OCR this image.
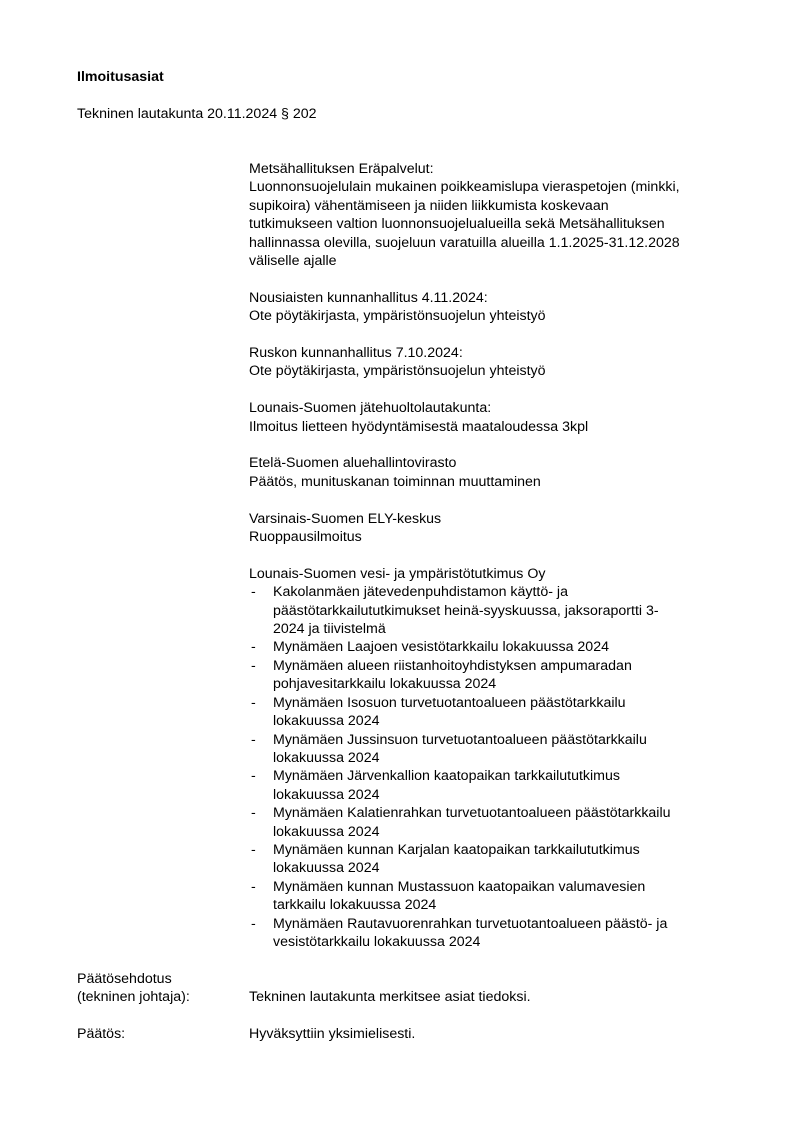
Ilmoitusasiat
Tekninen lautakunta 20.11.2024 § 202
Metsähallituksen Eräpalvelut:
Luonnonsuojelulain mukainen poikkeamislupa vieraspetojen (minkki,
supikoira) vähentämiseen ja niiden liikkumista koskevaan
tutkimukseen valtion luonnonsuojelualueilla sekä Metsähallituksen
hallinnassa olevilla, suojeluun varatuilla alueilla 1.1.2025-31.12.2028
väliselle ajalle
Nousiaisten kunnanhallitus 4.11.2024:
Ote pöytäkirjasta, ympäristönsuojelun yhteistyö
Ruskon kunnanhallitus 7.10.2024:
Ote pöytäkirjasta, ympäristönsuojelun yhteistyö
Lounais-Suomen jätehuoltolautakunta:
Ilmoitus lietteen hyödyntämisestä maataloudessa 3kpl
Etelä-Suomen aluehallintovirasto
Päätös, munituskanan toiminnan muuttaminen
Varsinais-Suomen ELY-keskus
Ruoppausilmoitus
Lounais-Suomen vesi- ja ympäristötutkimus Oy
- Kakolanmäen jätevedenpuhdistamon käyttö- ja
päästötarkkailututkimukset heinä-syyskuussa, jaksoraportti 3-
2024 ja tiivistelmä
- Mynämäen Laajoen vesistötarkkailu lokakuussa 2024
- Mynämäen alueen riistanhoitoyhdistyksen ampumaradan
pohjavesitarkkailu lokakuussa 2024
- Mynämäen Isosuon turvetuotantoalueen päästötarkkailu
lokakuussa 2024
- Mynämäen Jussinsuon turvetuotantoalueen päästötarkkailu
lokakuussa 2024
- Mynämäen Järvenkallion kaatopaikan tarkkailututkimus
lokakuussa 2024
- Mynämäen Kalatienrahkan turvetuotantoalueen päästötarkkailu
lokakuussa 2024
- Mynämäen kunnan Karjalan kaatopaikan tarkkailututkimus
lokakuussa 2024
- Mynämäen kunnan Mustassuon kaatopaikan valumavesien
tarkkailu lokakuussa 2024
- Mynämäen Rautavuorenrahkan turvetuotantoalueen päästö- ja
vesistötarkkailu lokakuussa 2024
Päätösehdotus
(tekninen johtaja):	Tekninen lautakunta merkitsee asiat tiedoksi.
Päätös:	Hyväksyttiin yksimielisesti.
